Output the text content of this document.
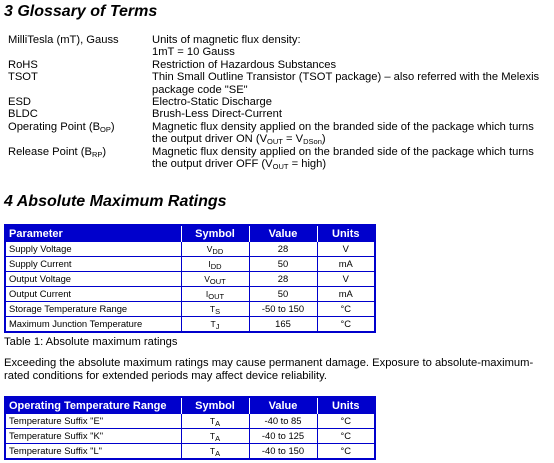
3 Glossary of Terms
MilliTesla (mT), Gauss	Units of magnetic flux density:
1mT = 10 Gauss
RoHS	Restriction of Hazardous Substances
TSOT	Thin Small Outline Transistor (TSOT package) – also referred with the Melexis
package code "SE"
ESD	Electro-Static Discharge
BLDC	Brush-Less Direct-Current
Operating Point $(B_{OP})$	Magnetic flux density applied on the branded side of the package which turns
the output driver ON $(V_{OUT} = V_{DSon})$
Release Point $(B_{RP})$	Magnetic flux density applied on the branded side of the package which turns
the output driver OFF ($V_{OUT}$ = high)
4 Absolute Maximum Ratings
Parameter	Symbol	Value	Units
Supply Voltage	$V_{DD}$	28	V
Supply Current	$I_{DD}$	50	mA
Output Voltage	$V_{OUT}$	28	V
Output Current	$I_{OUT}$	50	mA
Storage Temperature Range	$T_S$	-50 to 150	°C
Maximum Junction Temperature	$T_J$	165	°C
Table 1: Absolute maximum ratings
Exceeding the absolute maximum ratings may cause permanent damage. Exposure to absolute-maximum-
rated conditions for extended periods may affect device reliability.
Operating Temperature Range	Symbol	Value	Units
Temperature Suffix "E"	$T_A$	-40 to 85	°C
Temperature Suffix "K"	$T_A$	-40 to 125	°C
Temperature Suffix "L"	$T_A$	-40 to 150	°C
